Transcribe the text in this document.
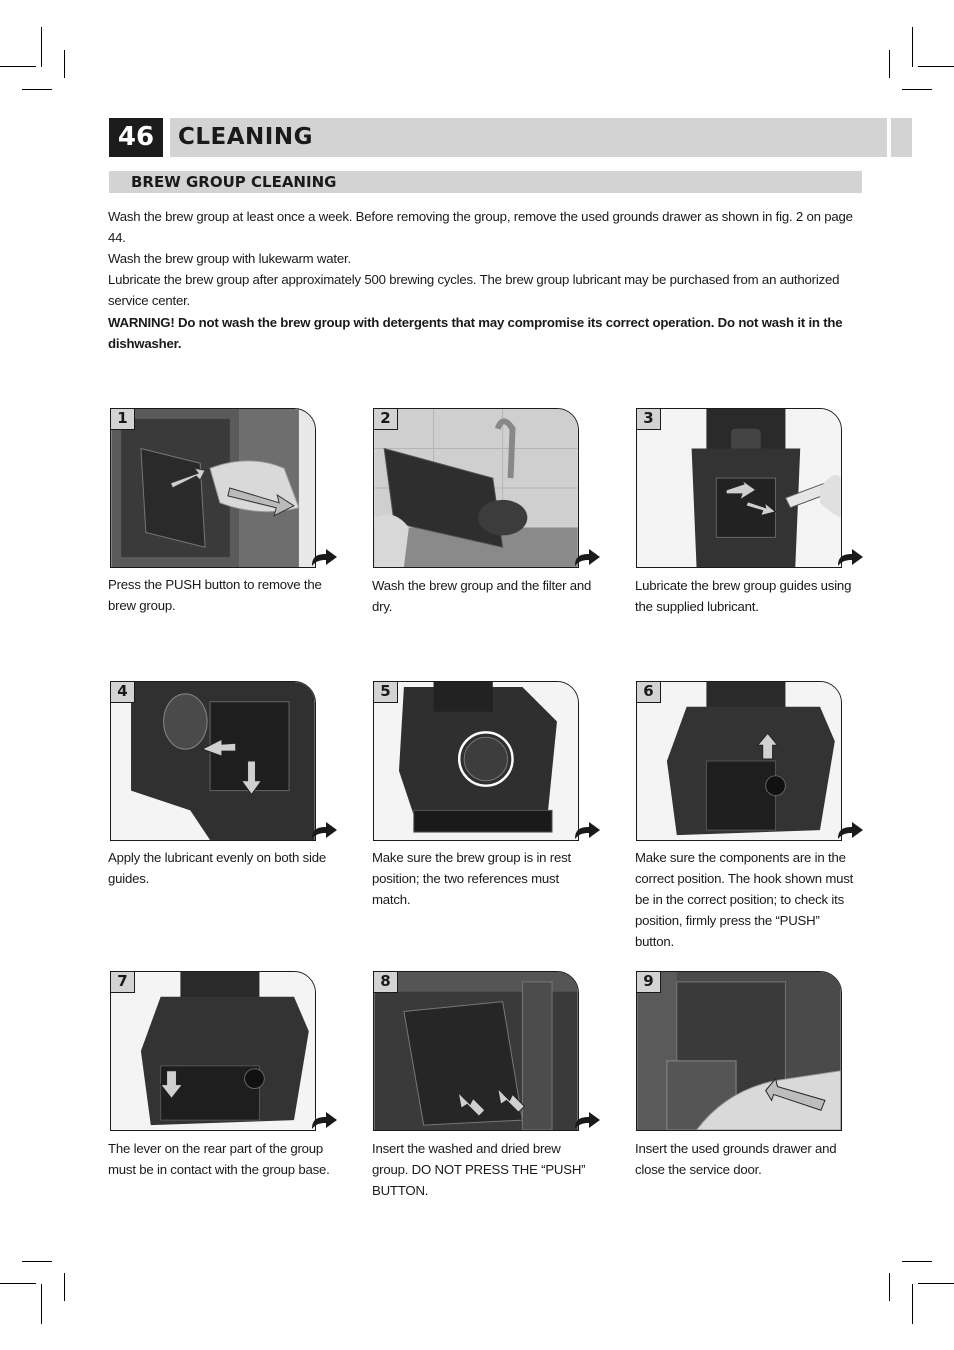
46	CLEANING
BREW GROUP CLEANING

Wash the brew group at least once a week. Before removing the group, remove the used grounds drawer as shown in fig. 2 on page 44.

Wash the brew group with lukewarm water.

Lubricate the brew group after approximately 500 brewing cycles. The brew group lubricant may be purchased from an authorized service center.

WARNING! Do not wash the brew group with detergents that may compromise its correct operation. Do not wash it in the dishwasher.
1
Press the PUSH button to remove the brew group.
2
Wash the brew group and the filter and dry.
3
Lubricate the brew group guides using the supplied lubricant.
4
Apply the lubricant evenly on both side guides.
5
Make sure the brew group is in rest position; the two references must match.
6
Make sure the components are in the correct position. The hook shown must be in the correct position; to check its position, firmly press the “PUSH” button.
7
The lever on the rear part of the group must be in contact with the group base.
8
Insert the washed and dried brew group. DO NOT PRESS THE “PUSH” BUTTON.
9
Insert the used grounds drawer and close the service door.
